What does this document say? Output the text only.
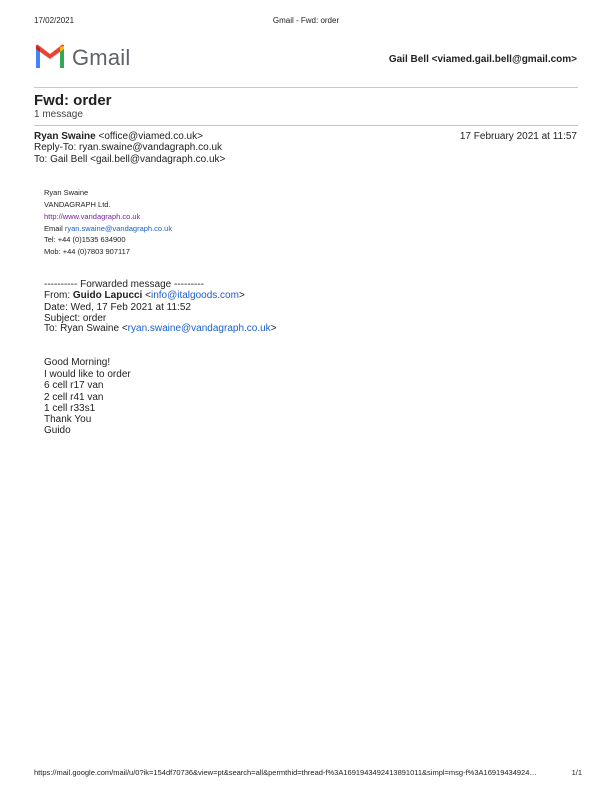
17/02/2021	Gmail - Fwd: order
Gmail	Gail Bell <viamed.gail.bell@gmail.com>
Fwd: order
1 message
Ryan Swaine <office@viamed.co.uk>	17 February 2021 at 11:57
Reply-To: ryan.swaine@vandagraph.co.uk
To: Gail Bell <gail.bell@vandagraph.co.uk>
Ryan Swaine
VANDAGRAPH Ltd.
http://www.vandagraph.co.uk
Email ryan.swaine@vandagraph.co.uk
Tel: +44 (0)1535 634900
Mob: +44 (0)7803 907117
---------- Forwarded message ---------
From: Guido Lapucci <info@italgoods.com>
Date: Wed, 17 Feb 2021 at 11:52
Subject: order
To: Ryan Swaine <ryan.swaine@vandagraph.co.uk>
Good Morning!
I would like to order
6 cell r17 van
2 cell r41 van
1 cell r33s1
Thank You
Guido
https://mail.google.com/mail/u/0?ik=154df70736&view=pt&search=all&permthid=thread-f%3A1691943492413891011&simpl=msg-f%3A16919434924…	1/1
